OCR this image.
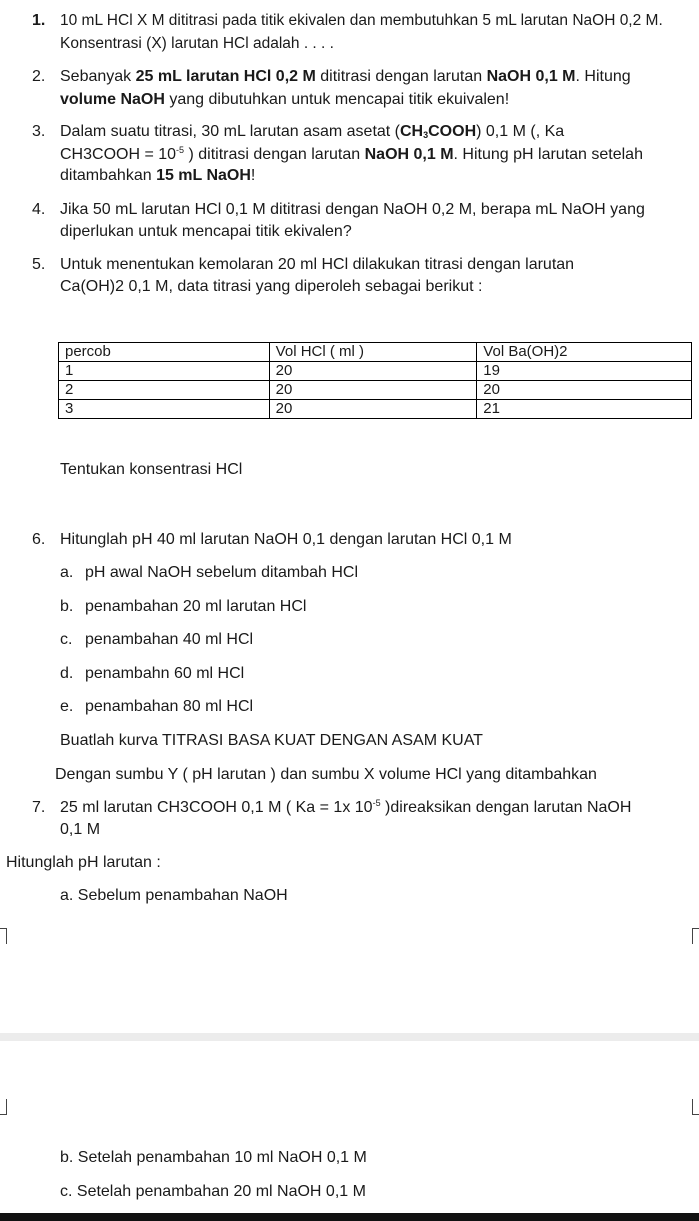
1. 10 mL HCl X M dititrasi pada titik ekivalen dan membutuhkan 5 mL larutan NaOH 0,2 M.
Konsentrasi (X) larutan HCl adalah . . . .
2. Sebanyak 25 mL larutan HCl 0,2 M dititrasi dengan larutan NaOH 0,1 M. Hitung
volume NaOH yang dibutuhkan untuk mencapai titik ekuivalen!
3. Dalam suatu titrasi, 30 mL larutan asam asetat $(CH_3COOH)$ 0,1 M (, Ka
CH3COOH = $10^{-5}$ ) dititrasi dengan larutan NaOH 0,1 M. Hitung pH larutan setelah
ditambahkan 15 mL NaOH!
4. Jika 50 mL larutan HCl 0,1 M dititrasi dengan NaOH 0,2 M, berapa mL NaOH yang
diperlukan untuk mencapai titik ekivalen?
5. Untuk menentukan kemolaran 20 ml HCl dilakukan titrasi dengan larutan
Ca(OH)2 0,1 M, data titrasi yang diperoleh sebagai berikut :
percob	Vol HCl ( ml )	Vol Ba(OH)2
1	20	19
2	20	20
3	20	21
Tentukan konsentrasi HCl
6. Hitunglah pH 40 ml larutan NaOH 0,1 dengan larutan HCl 0,1 M
a. pH awal NaOH sebelum ditambah HCl
b. penambahan 20 ml larutan HCl
c. penambahan 40 ml HCl
d. penambahn 60 ml HCl
e. penambahan 80 ml HCl
Buatlah kurva TITRASI BASA KUAT DENGAN ASAM KUAT
Dengan sumbu Y ( pH larutan ) dan sumbu X volume HCl yang ditambahkan
7. 25 ml larutan CH3COOH 0,1 M ( Ka = 1x $10^{-5}$ )direaksikan dengan larutan NaOH
0,1 M
Hitunglah pH larutan :
a. Sebelum penambahan NaOH
b. Setelah penambahan 10 ml NaOH 0,1 M
c. Setelah penambahan 20 ml NaOH 0,1 M
